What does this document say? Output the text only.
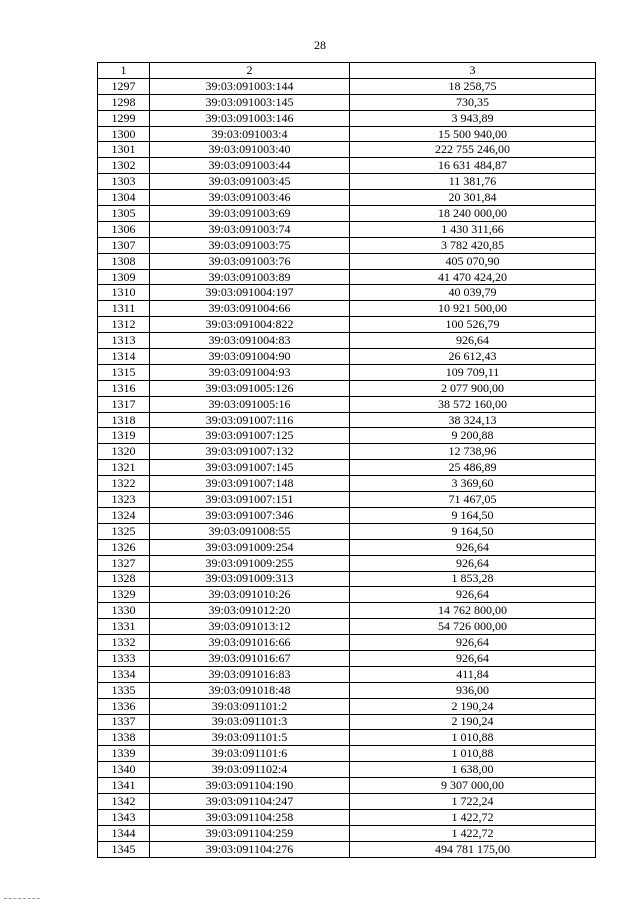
28
1	2	3
1297	39:03:091003:144	18 258,75
1298	39:03:091003:145	730,35
1299	39:03:091003:146	3 943,89
1300	39:03:091003:4	15 500 940,00
1301	39:03:091003:40	222 755 246,00
1302	39:03:091003:44	16 631 484,87
1303	39:03:091003:45	11 381,76
1304	39:03:091003:46	20 301,84
1305	39:03:091003:69	18 240 000,00
1306	39:03:091003:74	1 430 311,66
1307	39:03:091003:75	3 782 420,85
1308	39:03:091003:76	405 070,90
1309	39:03:091003:89	41 470 424,20
1310	39:03:091004:197	40 039,79
1311	39:03:091004:66	10 921 500,00
1312	39:03:091004:822	100 526,79
1313	39:03:091004:83	926,64
1314	39:03:091004:90	26 612,43
1315	39:03:091004:93	109 709,11
1316	39:03:091005:126	2 077 900,00
1317	39:03:091005:16	38 572 160,00
1318	39:03:091007:116	38 324,13
1319	39:03:091007:125	9 200,88
1320	39:03:091007:132	12 738,96
1321	39:03:091007:145	25 486,89
1322	39:03:091007:148	3 369,60
1323	39:03:091007:151	71 467,05
1324	39:03:091007:346	9 164,50
1325	39:03:091008:55	9 164,50
1326	39:03:091009:254	926,64
1327	39:03:091009:255	926,64
1328	39:03:091009:313	1 853,28
1329	39:03:091010:26	926,64
1330	39:03:091012:20	14 762 800,00
1331	39:03:091013:12	54 726 000,00
1332	39:03:091016:66	926,64
1333	39:03:091016:67	926,64
1334	39:03:091016:83	411,84
1335	39:03:091018:48	936,00
1336	39:03:091101:2	2 190,24
1337	39:03:091101:3	2 190,24
1338	39:03:091101:5	1 010,88
1339	39:03:091101:6	1 010,88
1340	39:03:091102:4	1 638,00
1341	39:03:091104:190	9 307 000,00
1342	39:03:091104:247	1 722,24
1343	39:03:091104:258	1 422,72
1344	39:03:091104:259	1 422,72
1345	39:03:091104:276	494 781 175,00
